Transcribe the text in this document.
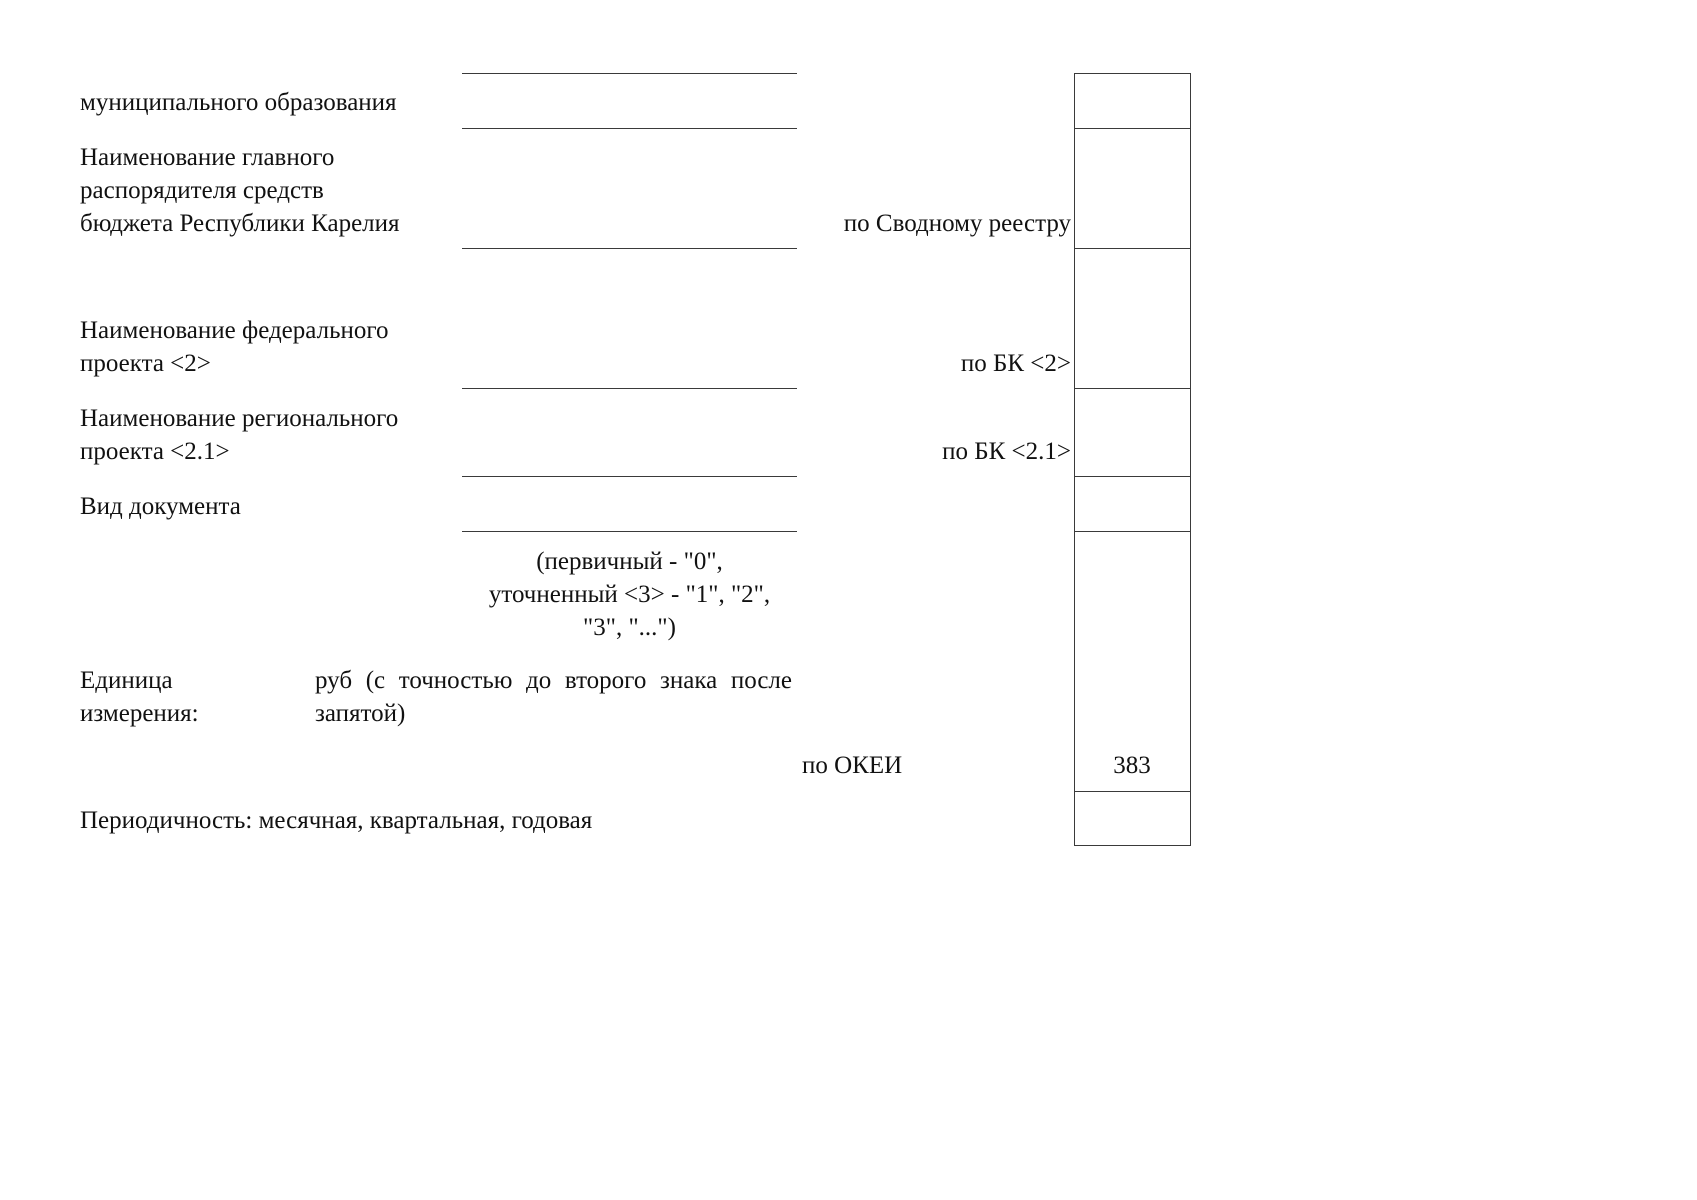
муниципального образования
Наименование главного
распорядителя средств
бюджета Республики Карелия
Наименование федерального
проекта <2>
Наименование регионального
проекта <2.1>
Вид документа
(первичный - "0",
уточненный <3> - "1", "2",
"3", "...")
Единица
измерения:
руб (с точностью до второго знака после запятой)
Периодичность: месячная, квартальная, годовая
по Сводному реестру
по БК <2>
по БК <2.1>
по ОКЕИ	383
